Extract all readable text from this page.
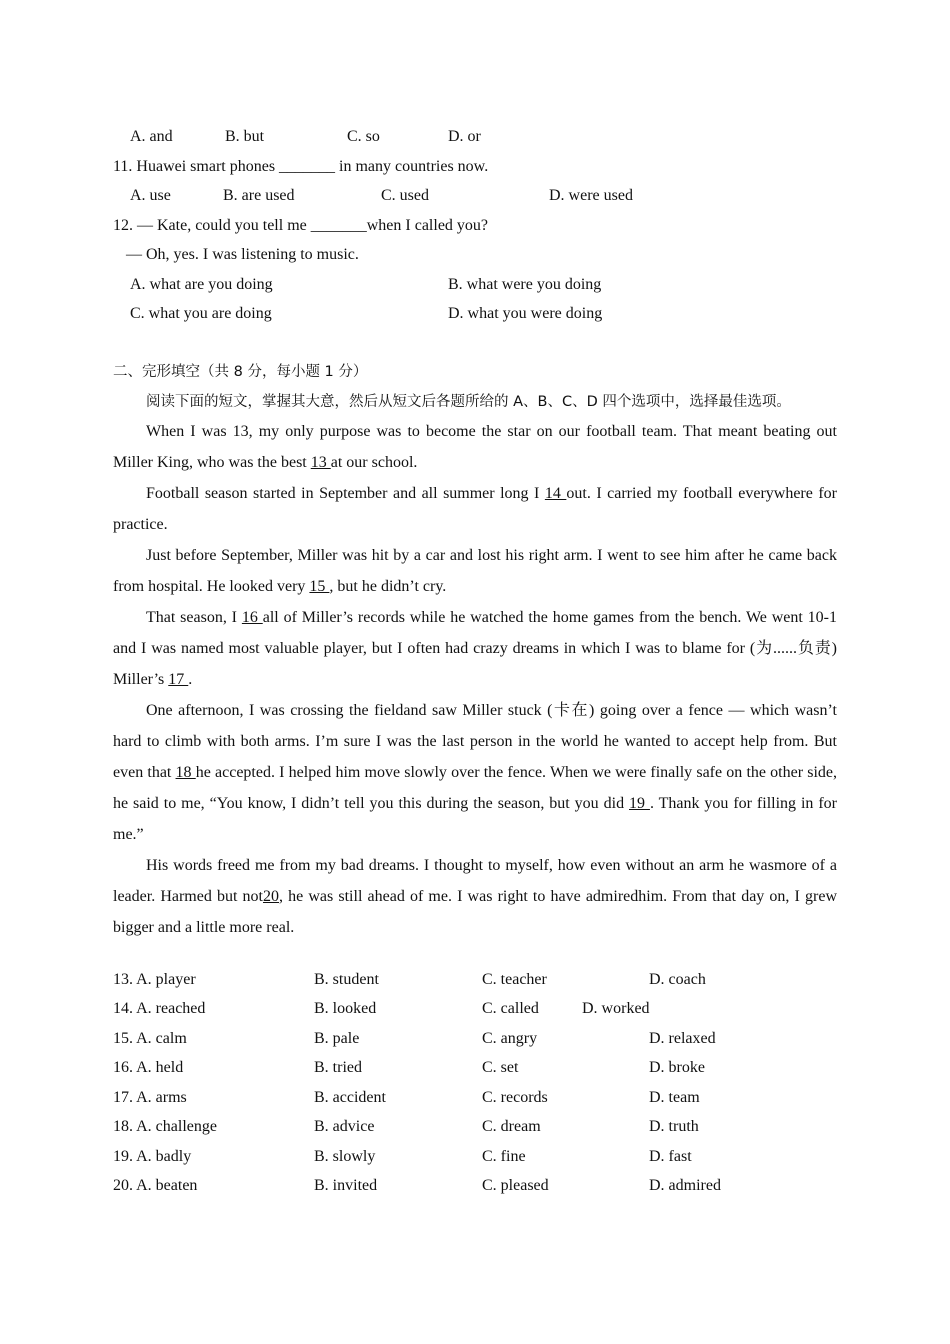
A. and	B. but	C. so	D. or
11. Huawei smart phones _______ in many countries now.
A. use	B. are used	C. used	D. were used
12. — Kate, could you tell me _______when I called you?
— Oh, yes. I was listening to music.
A. what are you doing	B. what were you doing
C. what you are doing	D. what you were doing
二、完形填空（共 8 分，每小题 1 分）
阅读下面的短文，掌握其大意，然后从短文后各题所给的 A、B、C、D 四个选项中，选择最佳选项。

When I was 13, my only purpose was to become the star on our football team. That meant beating out Miller King, who was the best 13 at our school.

Football season started in September and all summer long I 14 out. I carried my football everywhere for practice.

Just before September, Miller was hit by a car and lost his right arm. I went to see him after he came back from hospital. He looked very 15 , but he didn’t cry.

That season, I 16 all of Miller’s records while he watched the home games from the bench. We went 10-1 and I was named most valuable player, but I often had crazy dreams in which I was to blame for (为......负责) Miller’s 17 .

One afternoon, I was crossing the fieldand saw Miller stuck (卡在) going over a fence — which wasn’t hard to climb with both arms. I’m sure I was the last person in the world he wanted to accept help from. But even that 18 he accepted. I helped him move slowly over the fence. When we were finally safe on the other side, he said to me, “You know, I didn’t tell you this during the season, but you did 19 . Thank you for filling in for me.”

His words freed me from my bad dreams. I thought to myself, how even without an arm he wasmore of a leader. Harmed but not20, he was still ahead of me. I was right to have admiredhim. From that day on, I grew bigger and a little more real.

13. A. player	B. student	C. teacher	D. coach
14. A. reached	B. looked	C. called	D. worked
15. A. calm	B. pale	C. angry	D. relaxed
16. A. held	B. tried	C. set	D. broke
17. A. arms	B. accident	C. records	D. team
18. A. challenge	B. advice	C. dream	D. truth
19. A. badly	B. slowly	C. fine	D. fast
20. A. beaten	B. invited	C. pleased	D. admired
